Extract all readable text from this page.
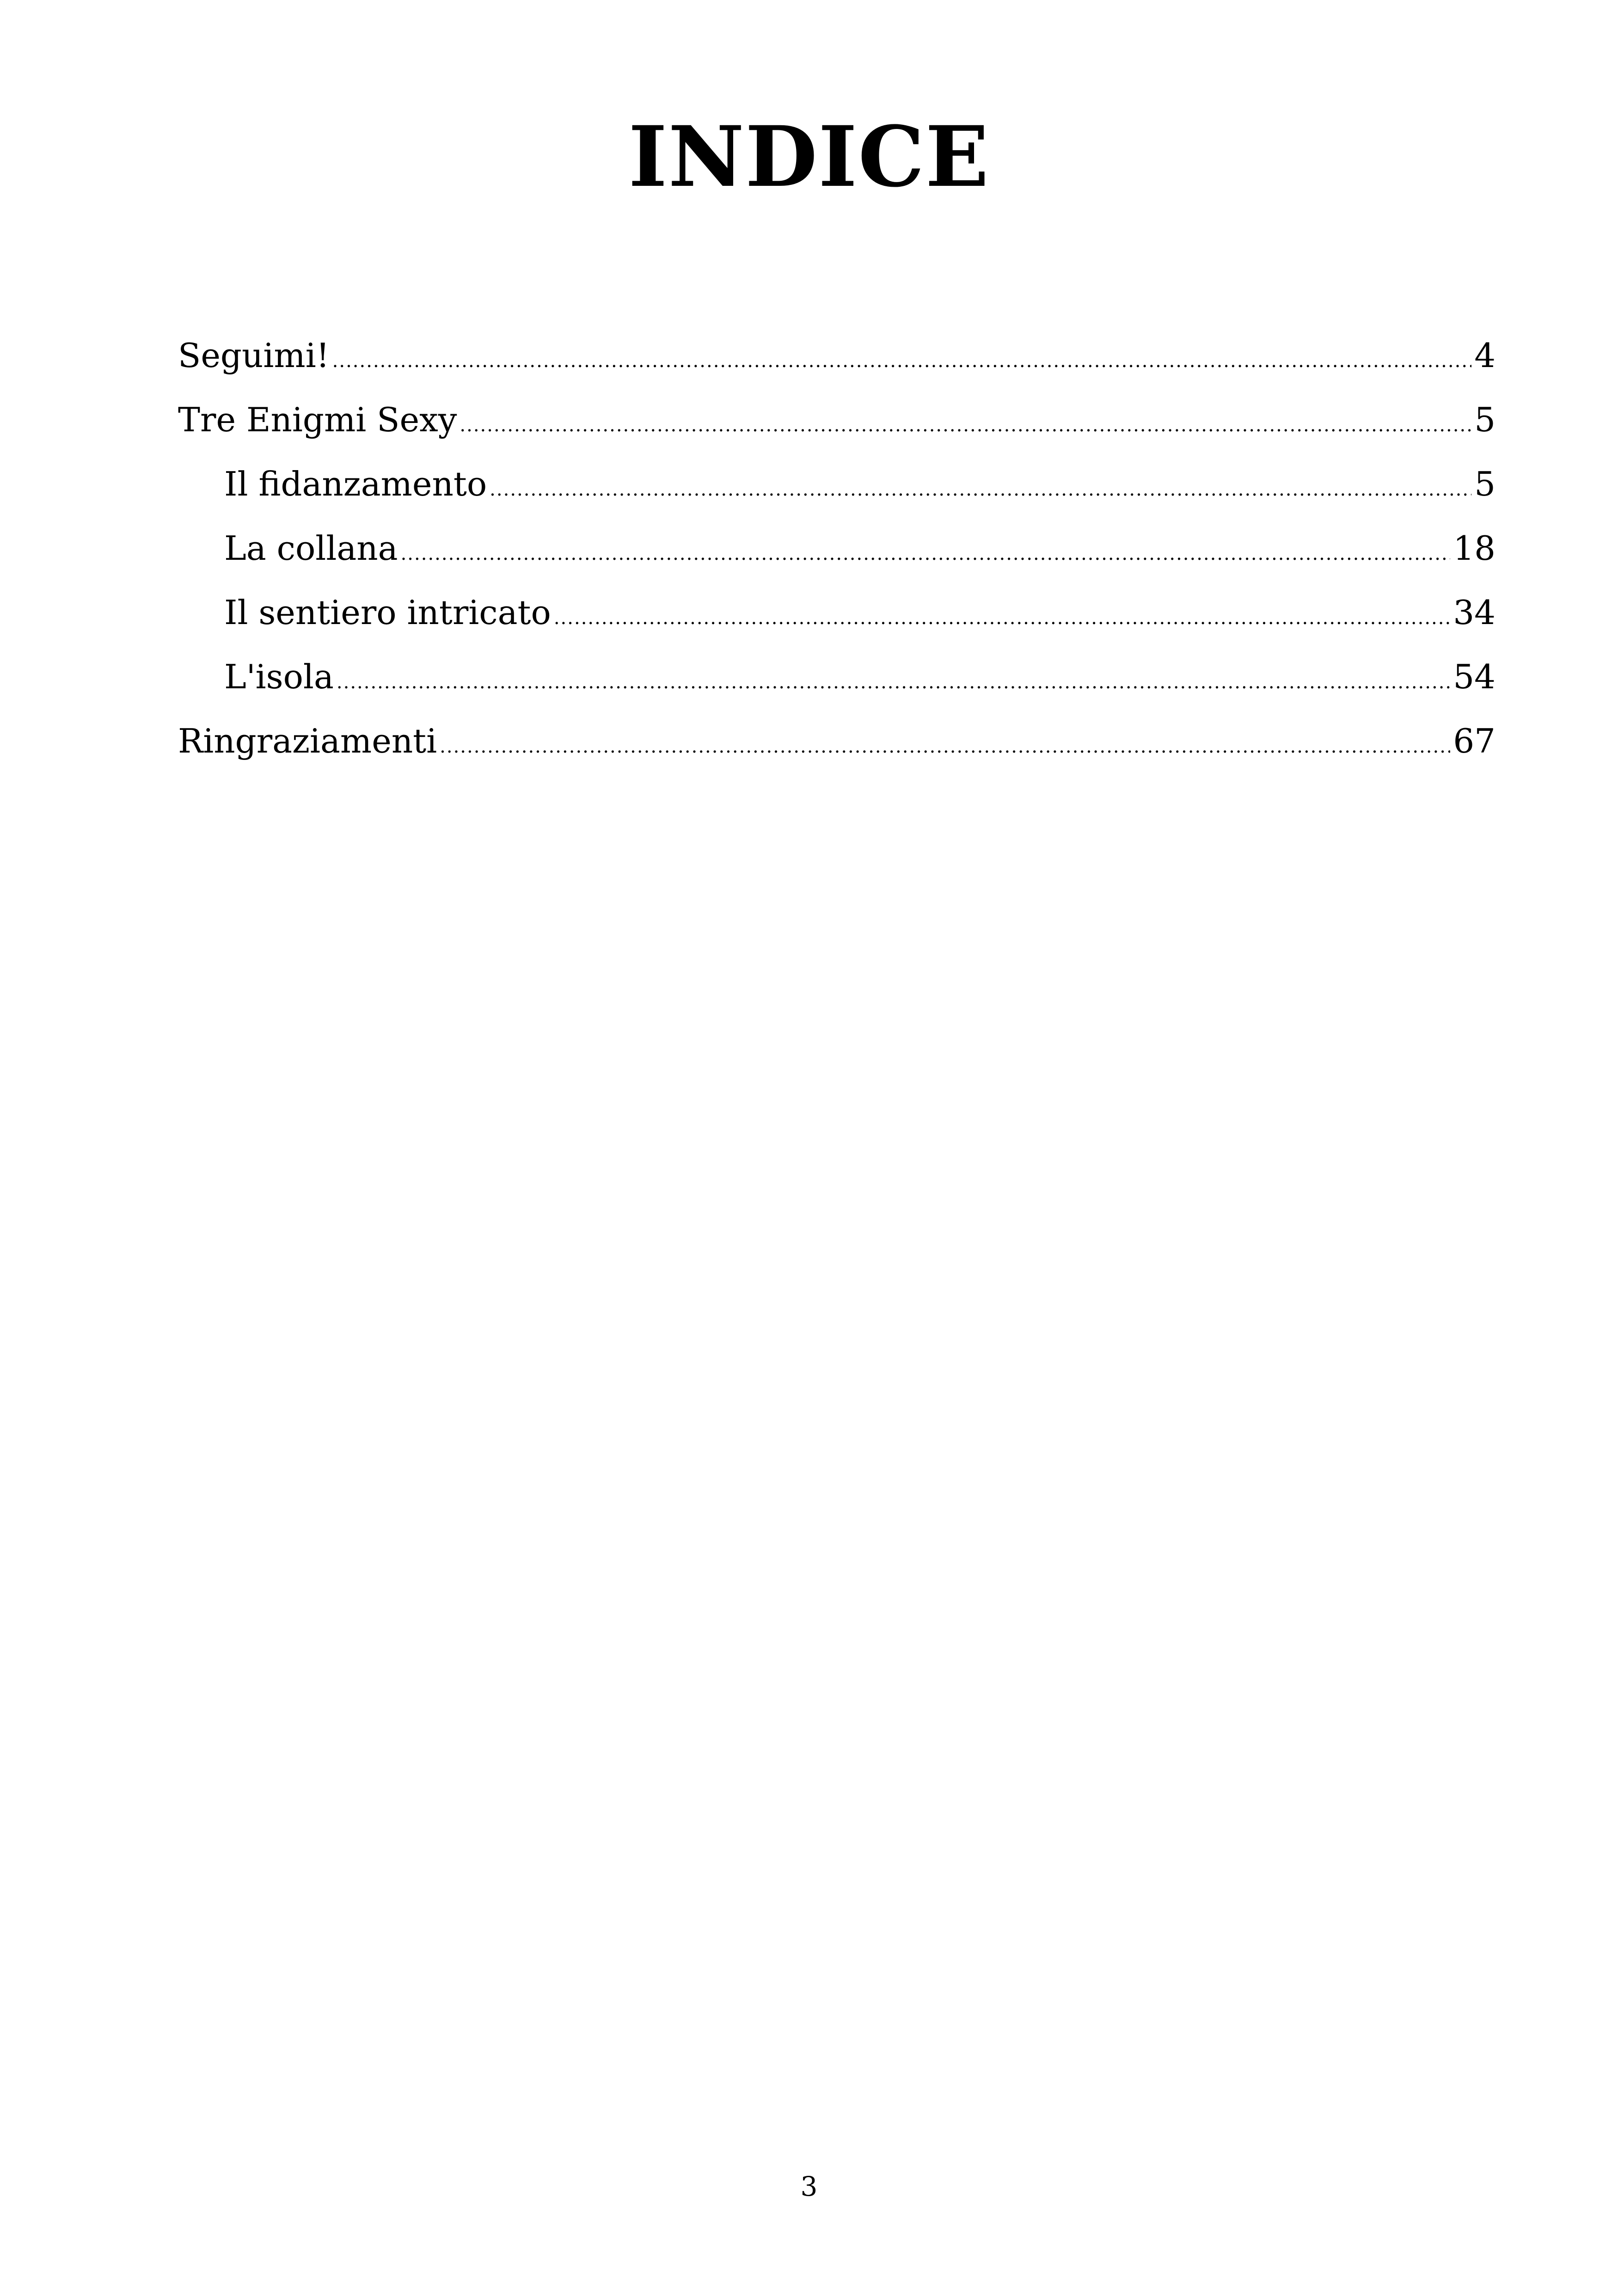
INDICE
Seguimi! .....	4
Tre Enigmi Sexy .....	5
Il fidanzamento .....	5
La collana .....	18
Il sentiero intricato .....	34
L'isola .....	54
Ringraziamenti .....	67
3
